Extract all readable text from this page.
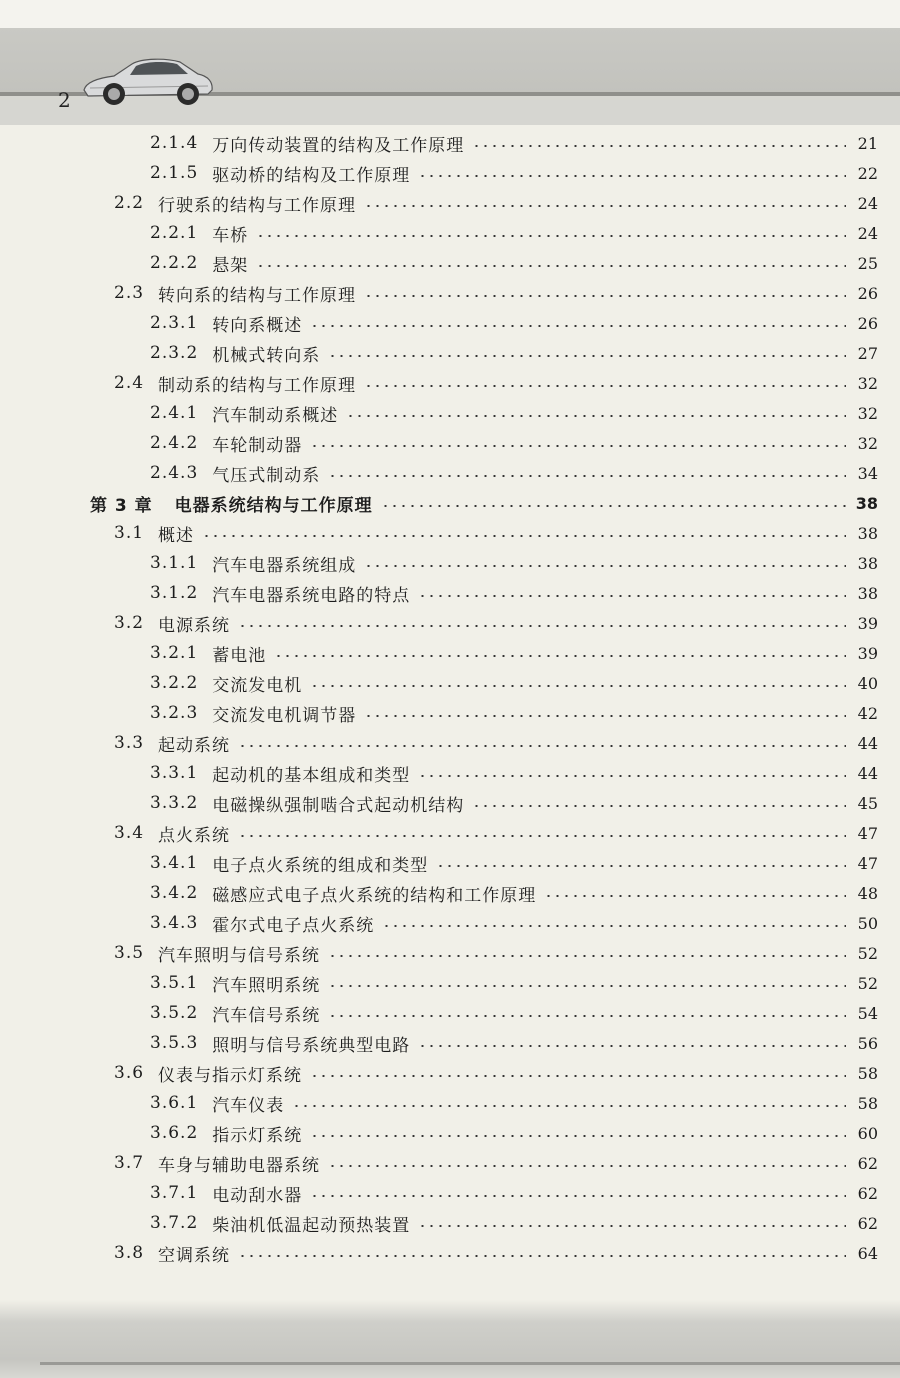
2
2.1.4 万向传动装置的结构及工作原理	21
2.1.5 驱动桥的结构及工作原理	22
2.2 行驶系的结构与工作原理	24
2.2.1 车桥	24
2.2.2 悬架	25
2.3 转向系的结构与工作原理	26
2.3.1 转向系概述	26
2.3.2 机械式转向系	27
2.4 制动系的结构与工作原理	32
2.4.1 汽车制动系概述	32
2.4.2 车轮制动器	32
2.4.3 气压式制动系	34
第 3 章 电器系统结构与工作原理	38
3.1 概述	38
3.1.1 汽车电器系统组成	38
3.1.2 汽车电器系统电路的特点	38
3.2 电源系统	39
3.2.1 蓄电池	39
3.2.2 交流发电机	40
3.2.3 交流发电机调节器	42
3.3 起动系统	44
3.3.1 起动机的基本组成和类型	44
3.3.2 电磁操纵强制啮合式起动机结构	45
3.4 点火系统	47
3.4.1 电子点火系统的组成和类型	47
3.4.2 磁感应式电子点火系统的结构和工作原理	48
3.4.3 霍尔式电子点火系统	50
3.5 汽车照明与信号系统	52
3.5.1 汽车照明系统	52
3.5.2 汽车信号系统	54
3.5.3 照明与信号系统典型电路	56
3.6 仪表与指示灯系统	58
3.6.1 汽车仪表	58
3.6.2 指示灯系统	60
3.7 车身与辅助电器系统	62
3.7.1 电动刮水器	62
3.7.2 柴油机低温起动预热装置	62
3.8 空调系统	64
